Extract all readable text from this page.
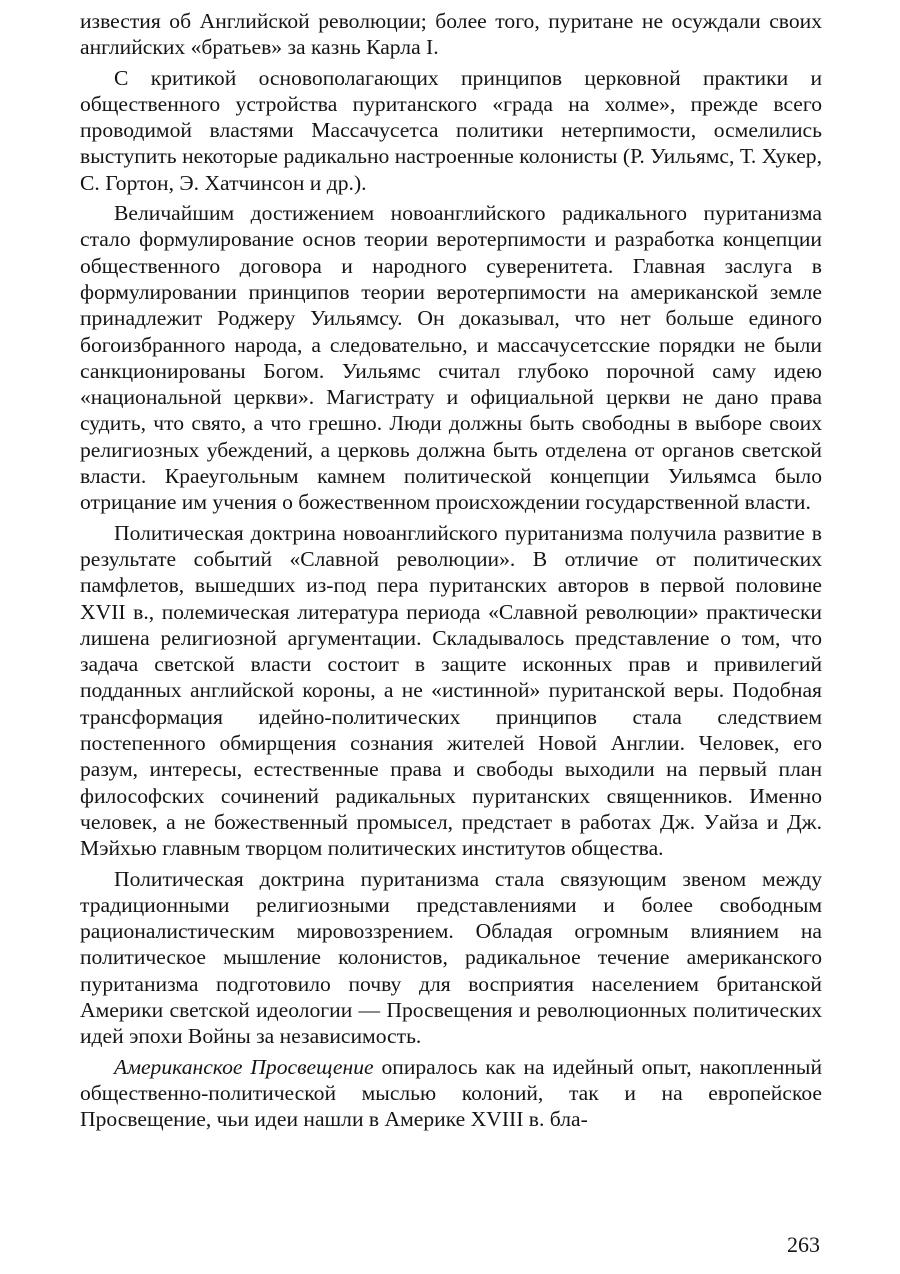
известия об Английской революции; более того, пуритане не осуждали своих английских «братьев» за казнь Карла I.

С критикой основополагающих принципов церковной практики и общественного устройства пуританского «града на холме», прежде всего проводимой властями Массачусетса политики нетерпимости, осмелились выступить некоторые радикально настроенные колонисты (Р. Уильямс, Т. Хукер, С. Гортон, Э. Хатчинсон и др.).

Величайшим достижением новоанглийского радикального пуританизма стало формулирование основ теории веротерпимости и разработка концепции общественного договора и народного суверенитета. Главная заслуга в формулировании принципов теории веротерпимости на американской земле принадлежит Роджеру Уильямсу. Он доказывал, что нет больше единого богоизбранного народа, а следовательно, и массачусетсские порядки не были санкционированы Богом. Уильямс считал глубоко порочной саму идею «национальной церкви». Магистрату и официальной церкви не дано права судить, что свято, а что грешно. Люди должны быть свободны в выборе своих религиозных убеждений, а церковь должна быть отделена от органов светской власти. Краеугольным камнем политической концепции Уильямса было отрицание им учения о божественном происхождении государственной власти.

Политическая доктрина новоанглийского пуританизма получила развитие в результате событий «Славной революции». В отличие от политических памфлетов, вышедших из-под пера пуританских авторов в первой половине XVII в., полемическая литература периода «Славной революции» практически лишена религиозной аргументации. Складывалось представление о том, что задача светской власти состоит в защите исконных прав и привилегий подданных английской короны, а не «истинной» пуританской веры. Подобная трансформация идейно-политических принципов стала следствием постепенного обмирщения сознания жителей Новой Англии. Человек, его разум, интересы, естественные права и свободы выходили на первый план философских сочинений радикальных пуританских священников. Именно человек, а не божественный промысел, предстает в работах Дж. Уайза и Дж. Мэйхью главным творцом политических институтов общества.

Политическая доктрина пуританизма стала связующим звеном между традиционными религиозными представлениями и более свободным рационалистическим мировоззрением. Обладая огромным влиянием на политическое мышление колонистов, радикальное течение американского пуританизма подготовило почву для восприятия населением британской Америки светской идеологии — Просвещения и революционных политических идей эпохи Войны за независимость.

Американское Просвещение опиралось как на идейный опыт, накопленный общественно-политической мыслью колоний, так и на европейское Просвещение, чьи идеи нашли в Америке XVIII в. бла-

263
